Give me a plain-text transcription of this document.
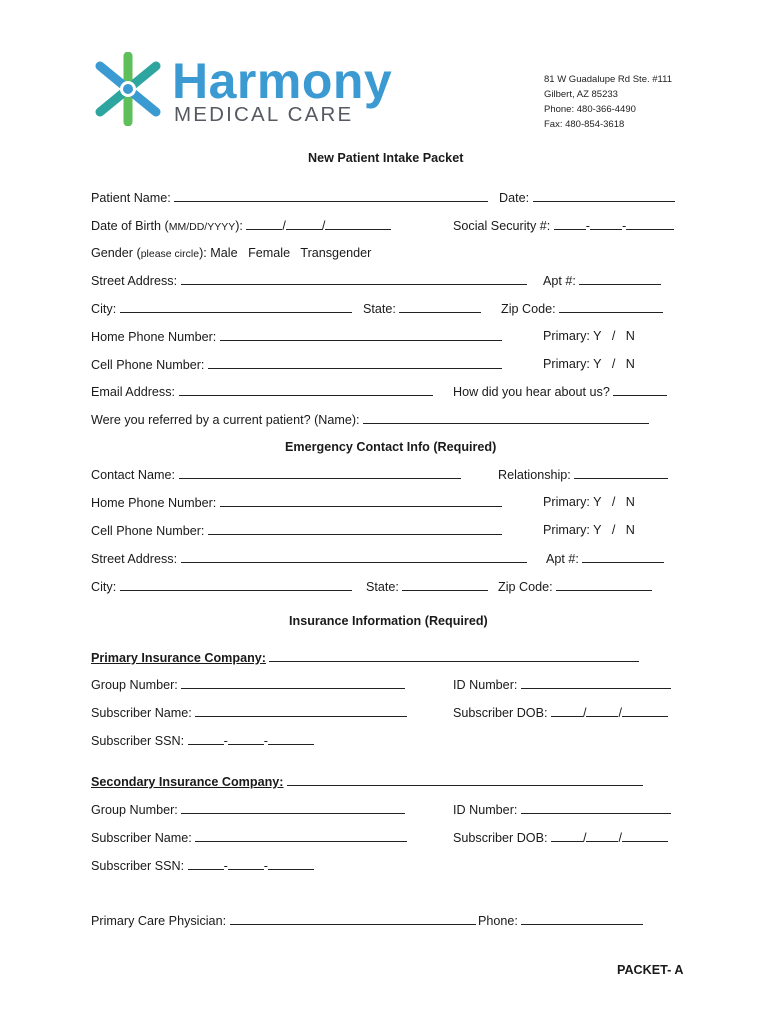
Harmony
MEDICAL CARE
81 W Guadalupe Rd Ste. #111
Gilbert, AZ 85233
Phone: 480-366-4490
Fax: 480-854-3618
New Patient Intake Packet
Patient Name:	Date:
Date of Birth (MM/DD/YYYY):	/	/	Social Security #:	-	-
Gender (please circle): Male   Female   Transgender
Street Address:	Apt #:
City:	State:	Zip Code:
Home Phone Number:	Primary: Y   /   N
Cell Phone Number:	Primary: Y   /   N
Email Address:	How did you hear about us?
Were you referred by a current patient? (Name):
Emergency Contact Info (Required)
Contact Name:	Relationship:
Home Phone Number:	Primary: Y   /   N
Cell Phone Number:	Primary: Y   /   N
Street Address:	Apt #:
City:	State:	Zip Code:
Insurance Information (Required)
Primary Insurance Company:
Group Number:	ID Number:
Subscriber Name:	Subscriber DOB:	/	/
Subscriber SSN:	-	-
Secondary Insurance Company:
Group Number:	ID Number:
Subscriber Name:	Subscriber DOB:	/	/
Subscriber SSN:	-	-
Primary Care Physician:	Phone:
PACKET- A
